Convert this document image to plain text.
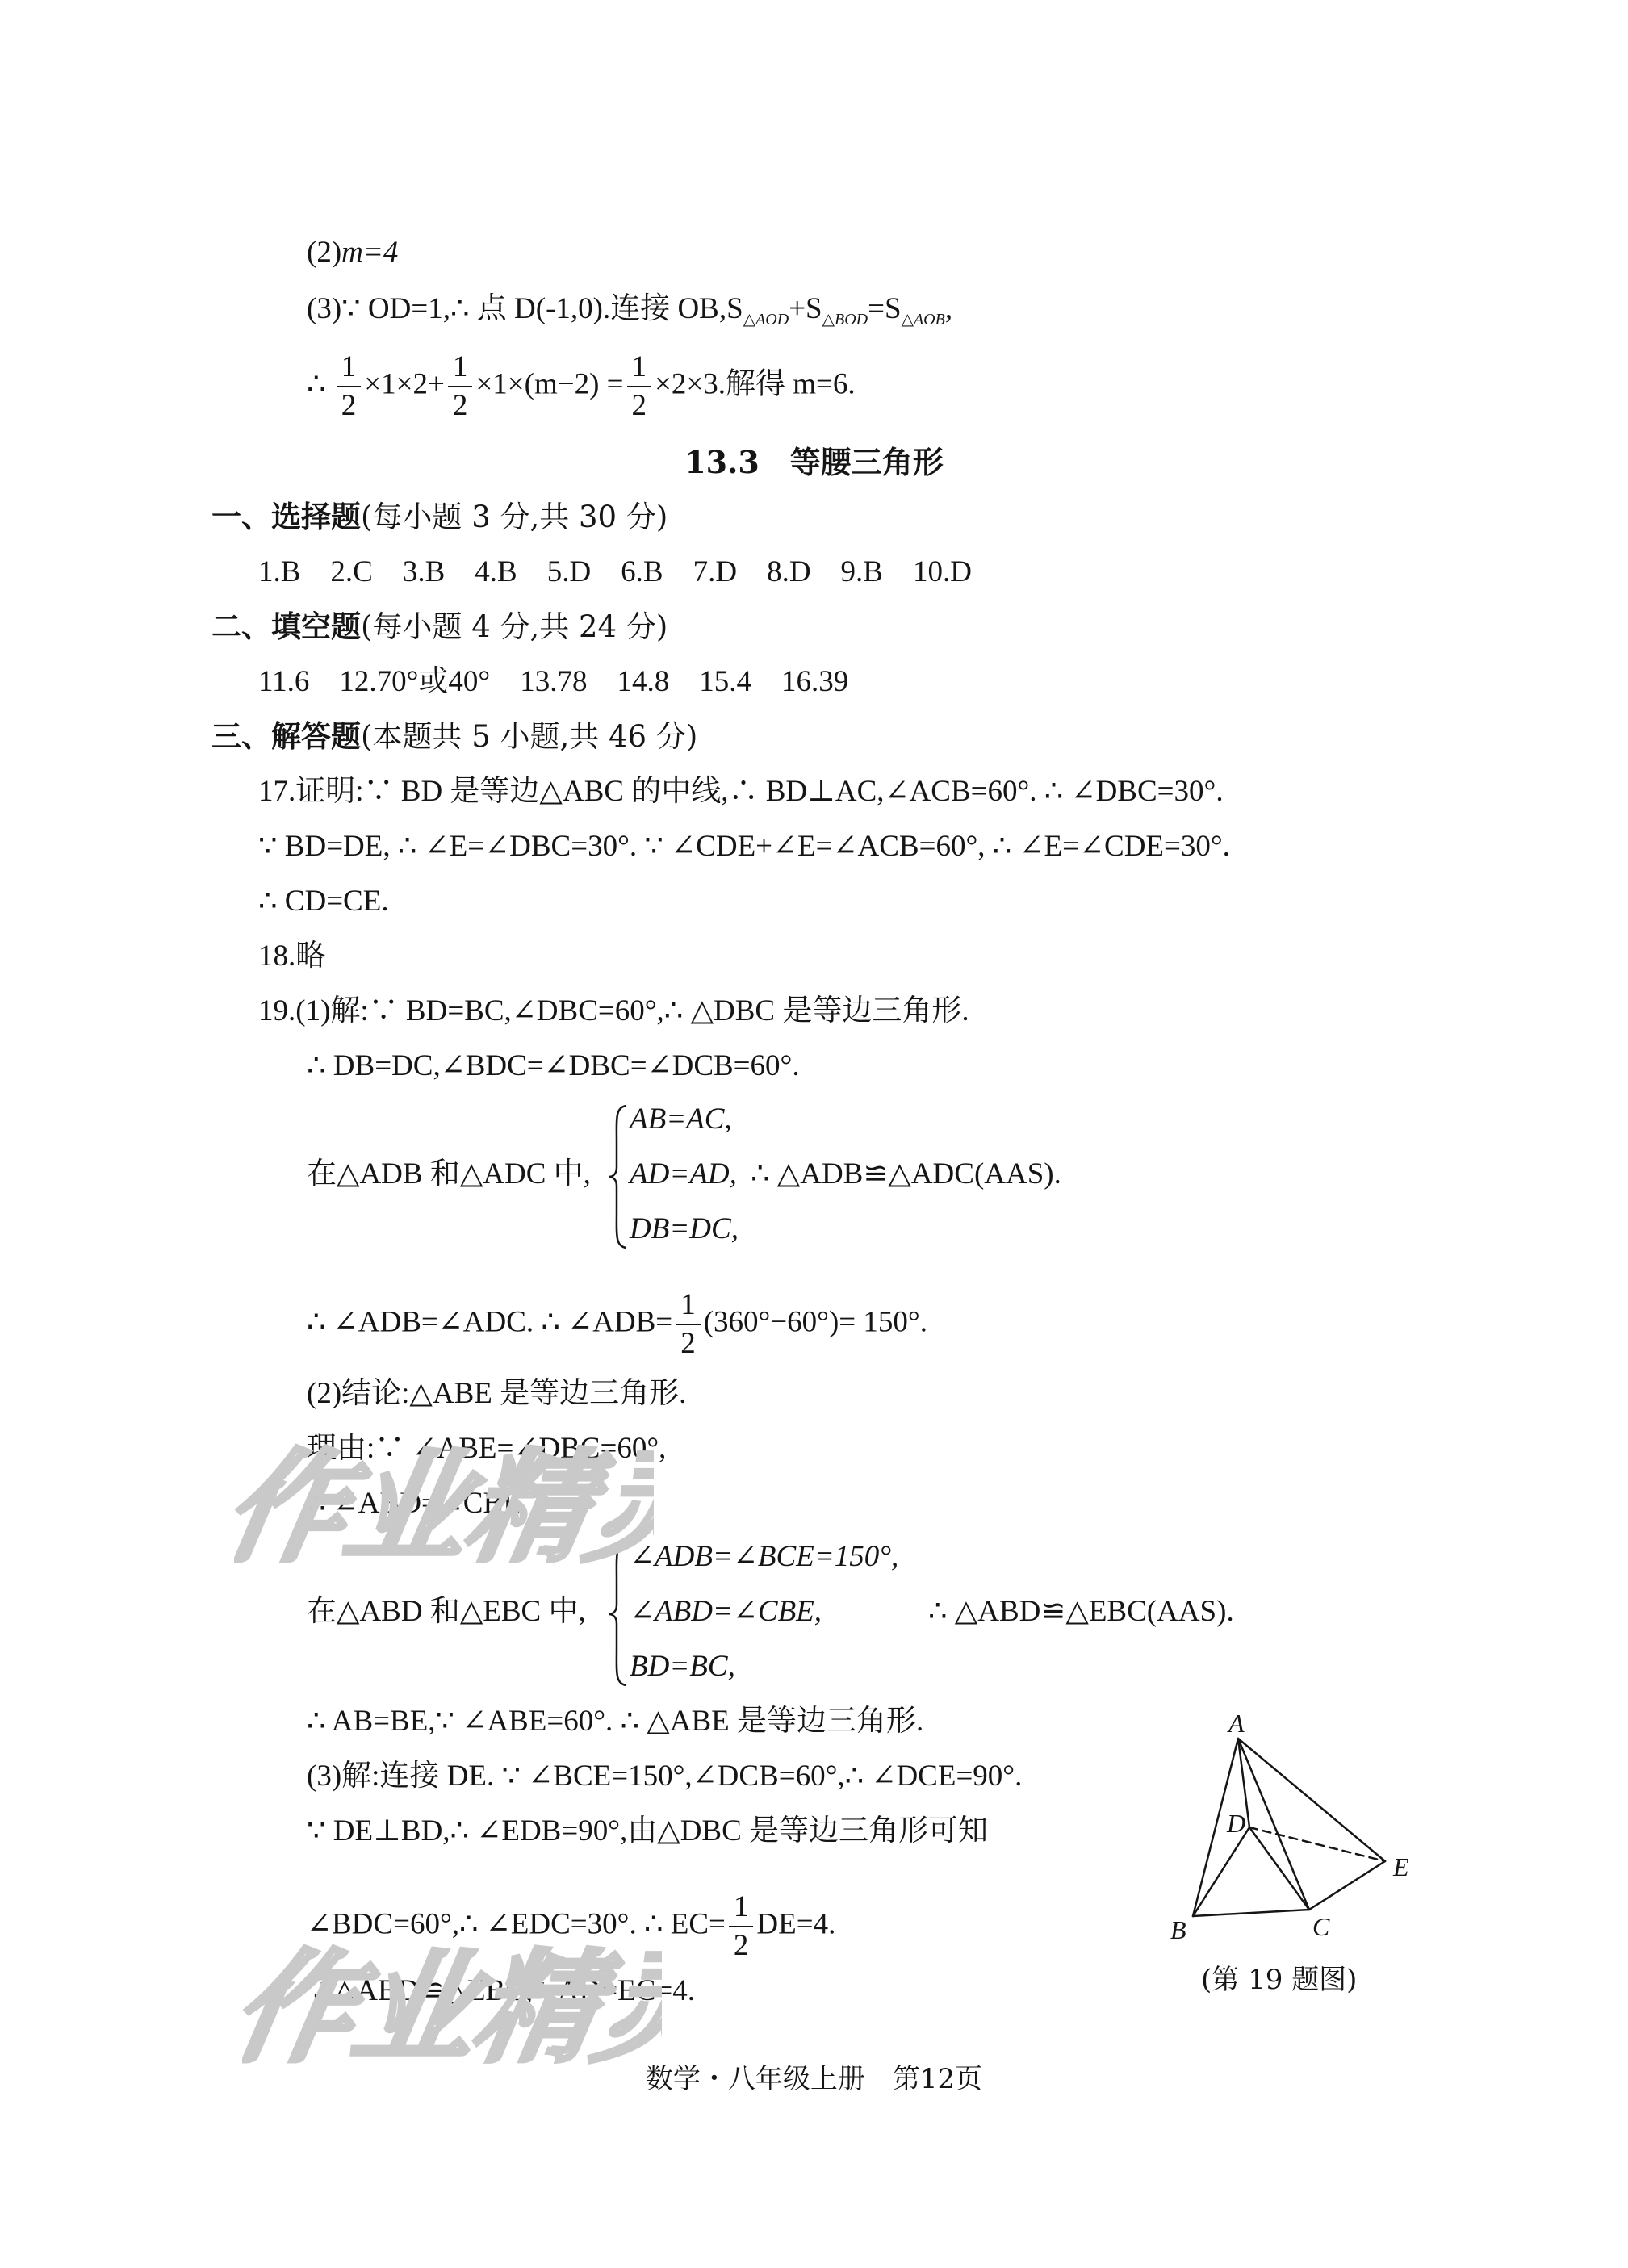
(2)m=4
(3)∵ OD=1,∴ 点 D(-1,0).连接 $OB,S_{\triangle AOD}+S_{\triangle BOD}=S_{\triangle AOB}$,
∴ $\frac{1}{2} \times 1\times 2+ \frac{1}{2} \times 1\times(m-2) = \frac{1}{2} \times 2\times 3$.解得 m=6.
13.3　等腰三角形
一、选择题(每小题 3 分,共 30 分)
1.B　2.C　3.B　4.B　5.D　6.B　7.D　8.D　9.B　10.D
二、填空题(每小题 4 分,共 24 分)
11.6　12.70°或40°　13.78　14.8　15.4　16.39
三、解答题(本题共 5 小题,共 46 分)
17.证明:∵ BD 是等边△ABC 的中线,∴ BD⊥AC,∠ACB=60°. ∴ ∠DBC=30°.
∵ BD=DE, ∴ ∠E=∠DBC=30°. ∵ ∠CDE+∠E=∠ACB=60°, ∴ ∠E=∠CDE=30°.
∴ CD=CE.
18.略
19.(1)解:∵ BD=BC,∠DBC=60°,∴ △DBC 是等边三角形.
∴ DB=DC,∠BDC=∠DBC=∠DCB=60°.
在△ADB 和△ADC 中,
AB=AC,
AD=AD,
DB=DC,
∴ △ADB≌△ADC(AAS).
∴ ∠ADB=∠ADC. ∴ ∠ADB= $\frac{1}{2} (360^\circ-60^\circ)= 150^\circ$.
(2)结论:△ABE 是等边三角形.
理由:∵ ∠ABE=∠DBC=60°,
∴ ∠ABD=∠CBE.
在△ABD 和△EBC 中,
∠ADB=∠BCE=150°,
∠ABD=∠CBE,
BD=BC,
∴ △ABD≌△EBC(AAS).
∴ AB=BE,∵ ∠ABE=60°. ∴ △ABE 是等边三角形.
(3)解:连接 DE. ∵ ∠BCE=150°,∠DCB=60°,∴ ∠DCE=90°.
∵ DE⊥BD,∴ ∠EDB=90°,由△DBC 是等边三角形可知
∠BDC=60°,∴ ∠EDC=30°. ∴ $EC= \frac{1}{2} DE=4$.
∵ △ABD≌△EBC,∴ AD=EC=4.
A
D
E
B	C
(第 19 题图)
作业精灵
作业精灵
数学・八年级上册　第12页
